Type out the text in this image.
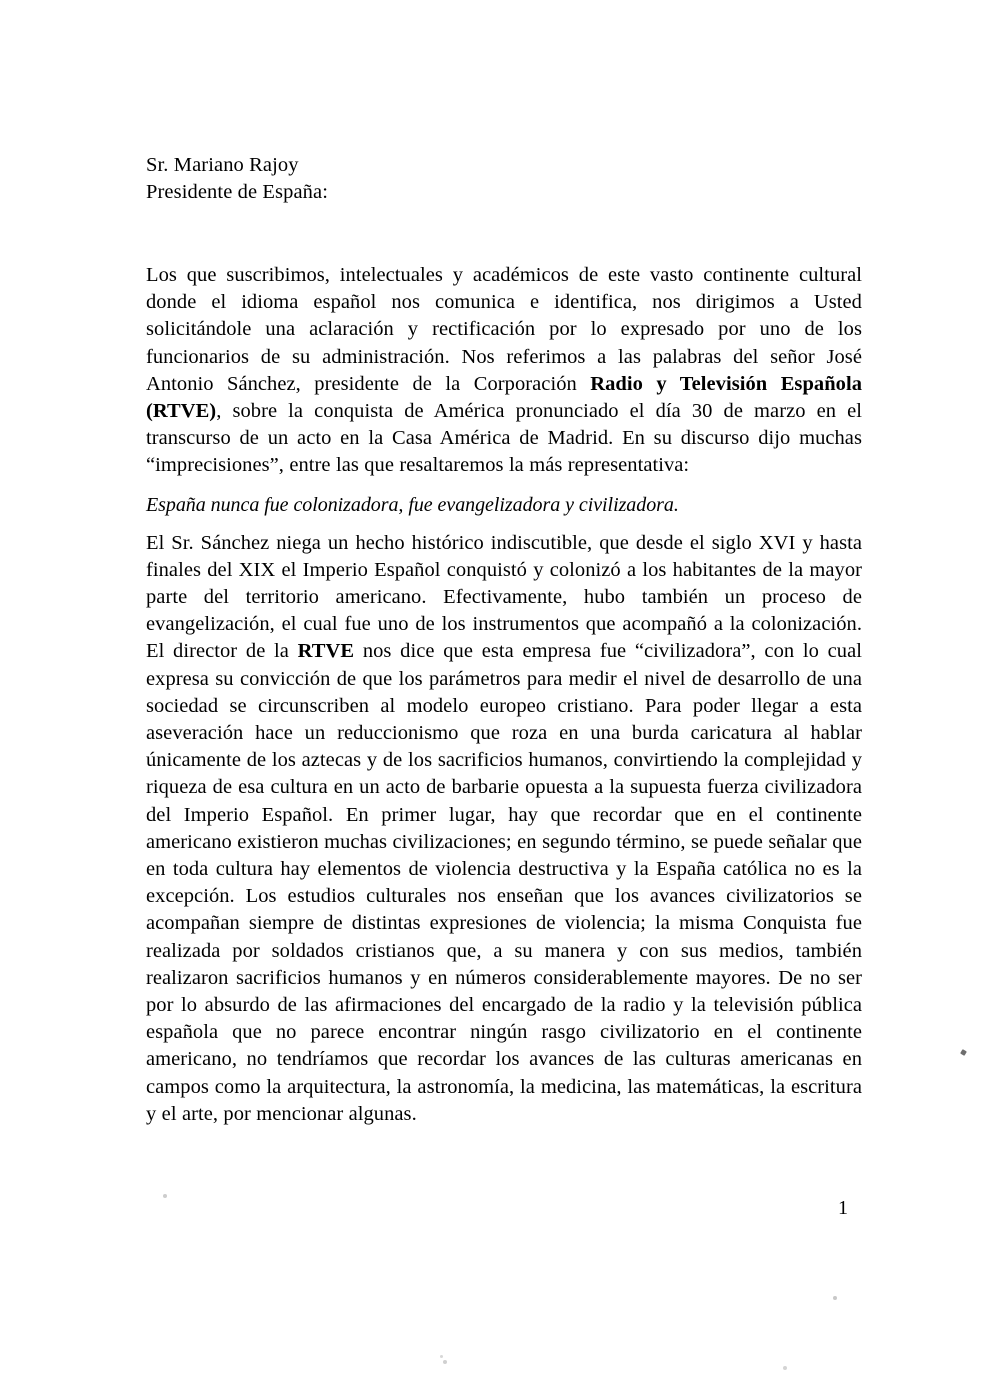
Sr. Mariano Rajoy
Presidente de España:

Los que suscribimos, intelectuales y académicos de este vasto continente cultural donde el idioma español nos comunica e identifica, nos dirigimos a Usted solicitándole una aclaración y rectificación por lo expresado por uno de los funcionarios de su administración. Nos referimos a las palabras del señor José Antonio Sánchez, presidente de la Corporación Radio y Televisión Española (RTVE), sobre la conquista de América pronunciado el día 30 de marzo en el transcurso de un acto en la Casa América de Madrid. En su discurso dijo muchas “imprecisiones”, entre las que resaltaremos la más representativa:

España nunca fue colonizadora, fue evangelizadora y civilizadora.

El Sr. Sánchez niega un hecho histórico indiscutible, que desde el siglo XVI y hasta finales del XIX el Imperio Español conquistó y colonizó a los habitantes de la mayor parte del territorio americano. Efectivamente, hubo también un proceso de evangelización, el cual fue uno de los instrumentos que acompañó a la colonización. El director de la RTVE nos dice que esta empresa fue “civilizadora”, con lo cual expresa su convicción de que los parámetros para medir el nivel de desarrollo de una sociedad se circunscriben al modelo europeo cristiano. Para poder llegar a esta aseveración hace un reduccionismo que roza en una burda caricatura al hablar únicamente de los aztecas y de los sacrificios humanos, convirtiendo la complejidad y riqueza de esa cultura en un acto de barbarie opuesta a la supuesta fuerza civilizadora del Imperio Español. En primer lugar, hay que recordar que en el continente americano existieron muchas civilizaciones; en segundo término, se puede señalar que en toda cultura hay elementos de violencia destructiva y la España católica no es la excepción. Los estudios culturales nos enseñan que los avances civilizatorios se acompañan siempre de distintas expresiones de violencia; la misma Conquista fue realizada por soldados cristianos que, a su manera y con sus medios, también realizaron sacrificios humanos y en números considerablemente mayores. De no ser por lo absurdo de las afirmaciones del encargado de la radio y la televisión pública española que no parece encontrar ningún rasgo civilizatorio en el continente americano, no tendríamos que recordar los avances de las culturas americanas en campos como la arquitectura, la astronomía, la medicina, las matemáticas, la escritura y el arte, por mencionar algunas.

1
